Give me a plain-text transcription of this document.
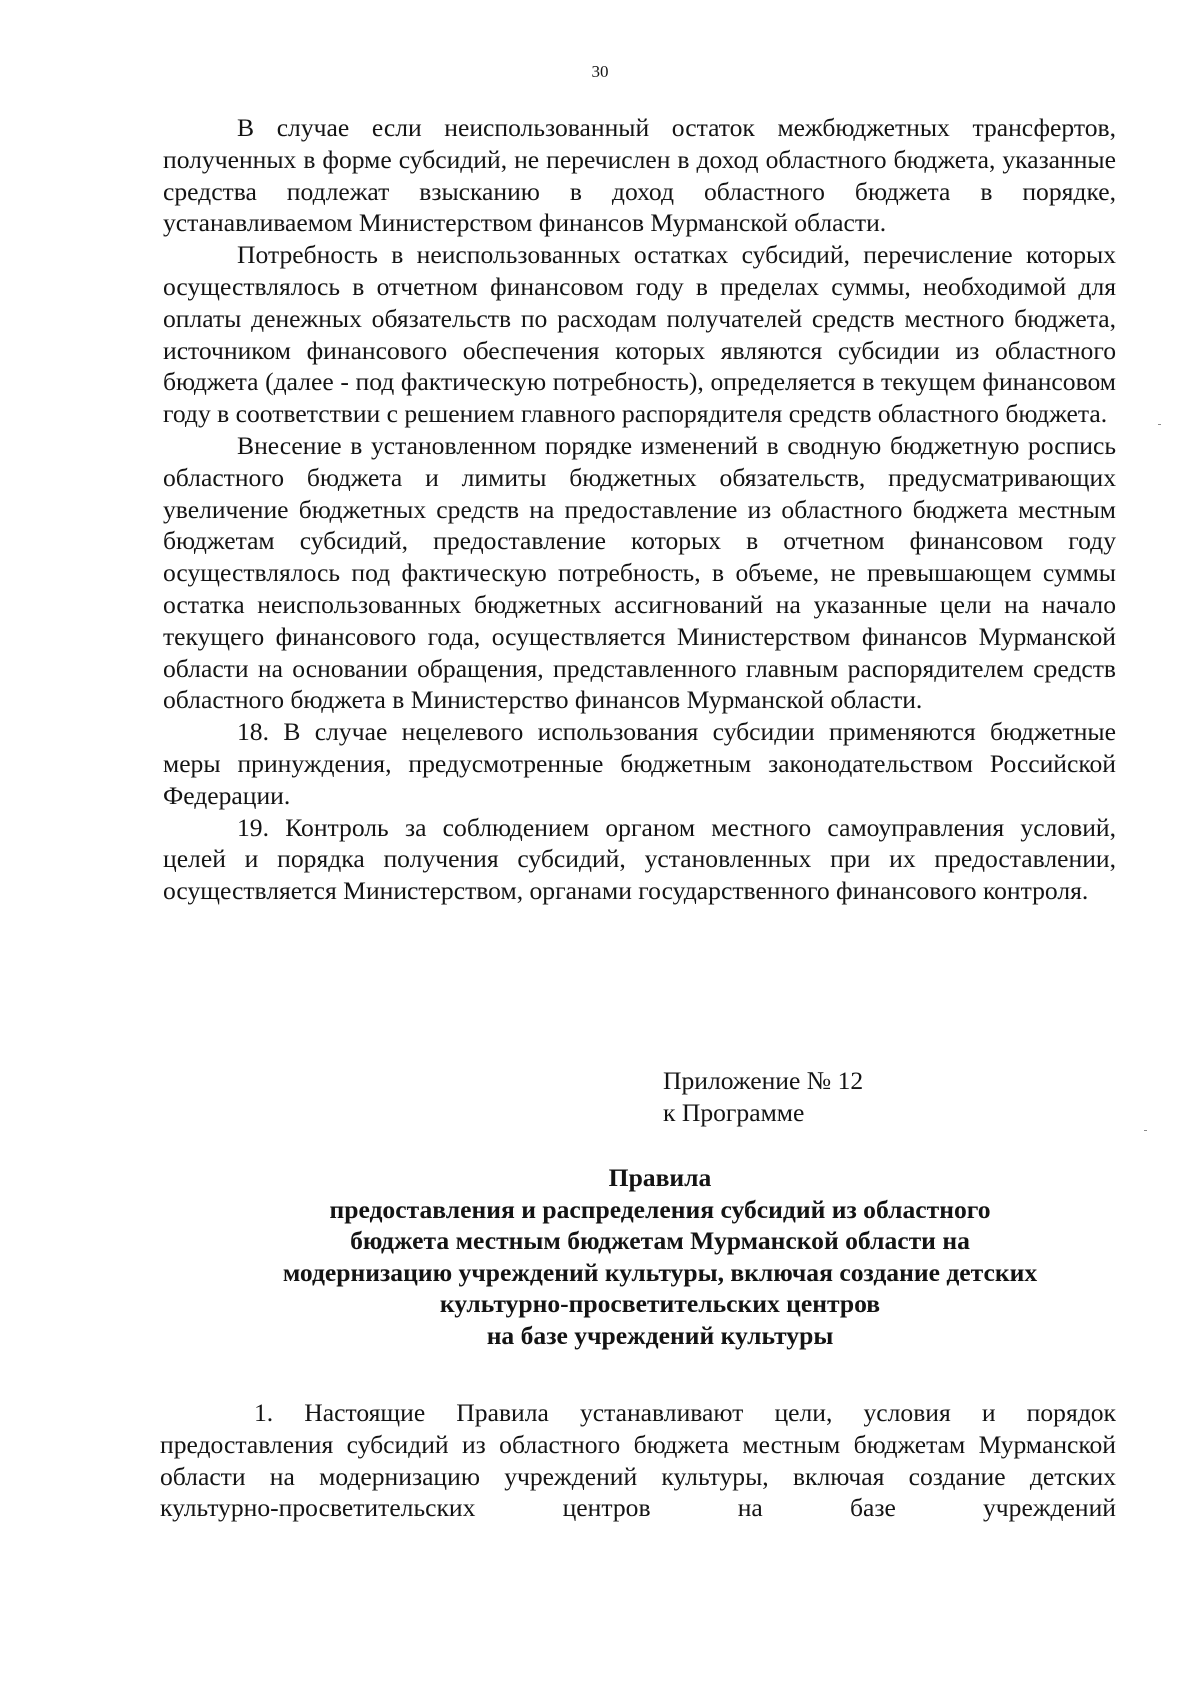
30

В случае если неиспользованный остаток межбюджетных трансфертов, полученных в форме субсидий, не перечислен в доход областного бюджета, указанные средства подлежат взысканию в доход областного бюджета в порядке, устанавливаемом Министерством финансов Мурманской области.

Потребность в неиспользованных остатках субсидий, перечисление которых осуществлялось в отчетном финансовом году в пределах суммы, необходимой для оплаты денежных обязательств по расходам получателей средств местного бюджета, источником финансового обеспечения которых являются субсидии из областного бюджета (далее - под фактическую потребность), определяется в текущем финансовом году в соответствии с решением главного распорядителя средств областного бюджета.

Внесение в установленном порядке изменений в сводную бюджетную роспись областного бюджета и лимиты бюджетных обязательств, предусматривающих увеличение бюджетных средств на предоставление из областного бюджета местным бюджетам субсидий, предоставление которых в отчетном финансовом году осуществлялось под фактическую потребность, в объеме, не превышающем суммы остатка неиспользованных бюджетных ассигнований на указанные цели на начало текущего финансового года, осуществляется Министерством финансов Мурманской области на основании обращения, представленного главным распорядителем средств областного бюджета в Министерство финансов Мурманской области.

18. В случае нецелевого использования субсидии применяются бюджетные меры принуждения, предусмотренные бюджетным законодательством Российской Федерации.

19. Контроль за соблюдением органом местного самоуправления условий, целей и порядка получения субсидий, установленных при их предоставлении, осуществляется Министерством, органами государственного финансового контроля.

Приложение № 12
к Программе
Правила
предоставления и распределения субсидий из областного
бюджета местным бюджетам Мурманской области на
модернизацию учреждений культуры, включая создание детских
культурно-просветительских центров
на базе учреждений культуры

1. Настоящие Правила устанавливают цели, условия и порядок предоставления субсидий из областного бюджета местным бюджетам Мурманской области на модернизацию учреждений культуры, включая создание детских культурно-просветительских центров на базе учреждений
